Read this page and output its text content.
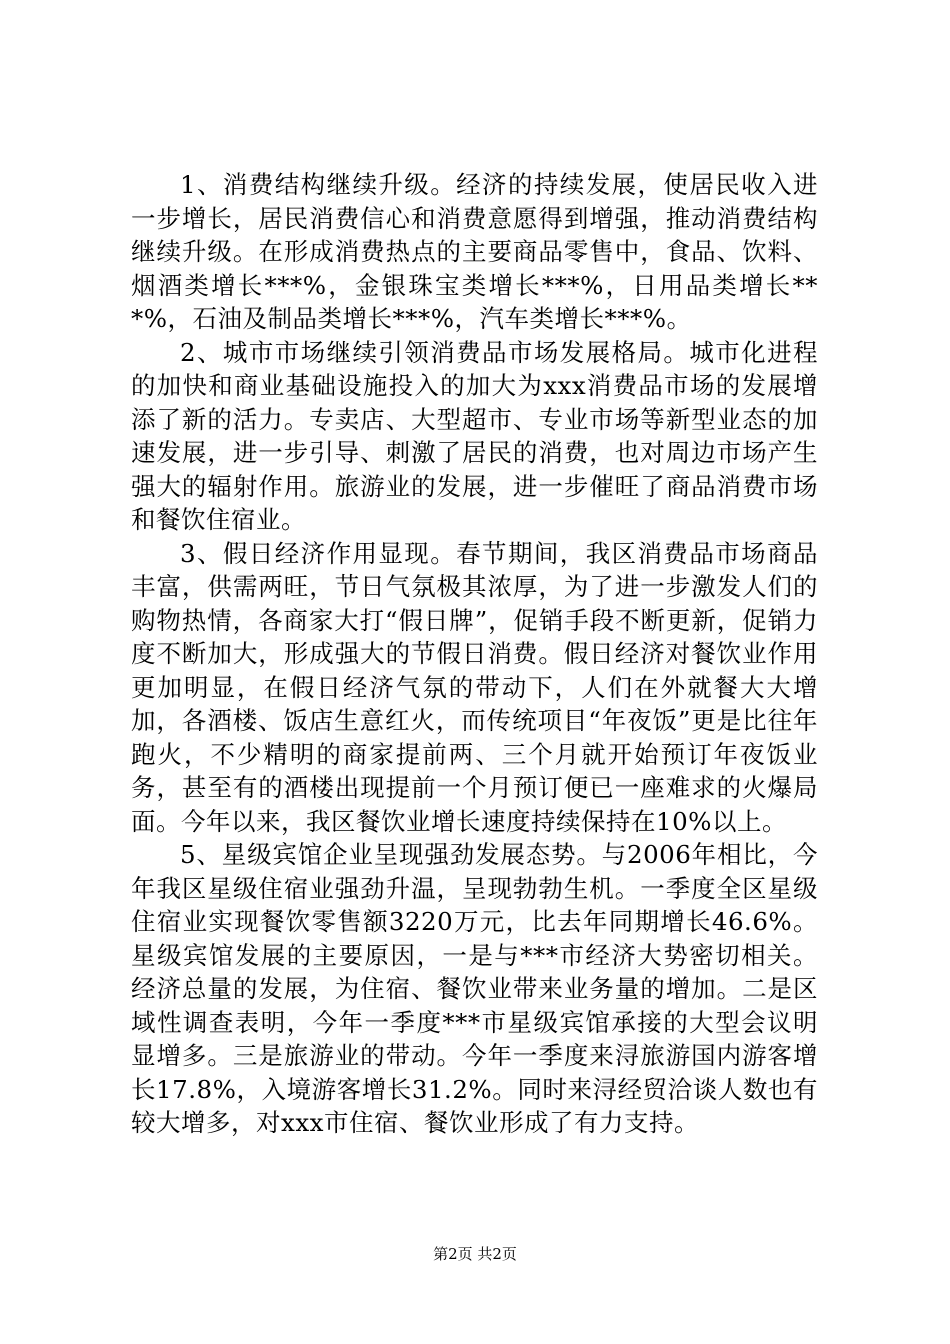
1、消费结构继续升级。经济的持续发展，使居民收入进一步增长，居民消费信心和消费意愿得到增强，推动消费结构继续升级。在形成消费热点的主要商品零售中，食品、饮料、烟酒类增长***%，金银珠宝类增长***%，日用品类增长***%，石油及制品类增长***%，汽车类增长***%。

2、城市市场继续引领消费品市场发展格局。城市化进程的加快和商业基础设施投入的加大为xxx消费品市场的发展增添了新的活力。专卖店、大型超市、专业市场等新型业态的加速发展，进一步引导、刺激了居民的消费，也对周边市场产生强大的辐射作用。旅游业的发展，进一步催旺了商品消费市场和餐饮住宿业。

3、假日经济作用显现。春节期间，我区消费品市场商品丰富，供需两旺，节日气氛极其浓厚，为了进一步激发人们的购物热情，各商家大打“假日牌”，促销手段不断更新，促销力度不断加大，形成强大的节假日消费。假日经济对餐饮业作用更加明显，在假日经济气氛的带动下，人们在外就餐大大增加，各酒楼、饭店生意红火，而传统项目“年夜饭”更是比往年跑火，不少精明的商家提前两、三个月就开始预订年夜饭业务，甚至有的酒楼出现提前一个月预订便已一座难求的火爆局面。今年以来，我区餐饮业增长速度持续保持在10%以上。

5、星级宾馆企业呈现强劲发展态势。与2006年相比，今年我区星级住宿业强劲升温，呈现勃勃生机。一季度全区星级住宿业实现餐饮零售额3220万元，比去年同期增长46.6%。星级宾馆发展的主要原因，一是与***市经济大势密切相关。经济总量的发展，为住宿、餐饮业带来业务量的增加。二是区域性调查表明，今年一季度***市星级宾馆承接的大型会议明显增多。三是旅游业的带动。今年一季度来浔旅游国内游客增长17.8%，入境游客增长31.2%。同时来浔经贸洽谈人数也有较大增多，对xxx市住宿、餐饮业形成了有力支持。

第2页 共2页
